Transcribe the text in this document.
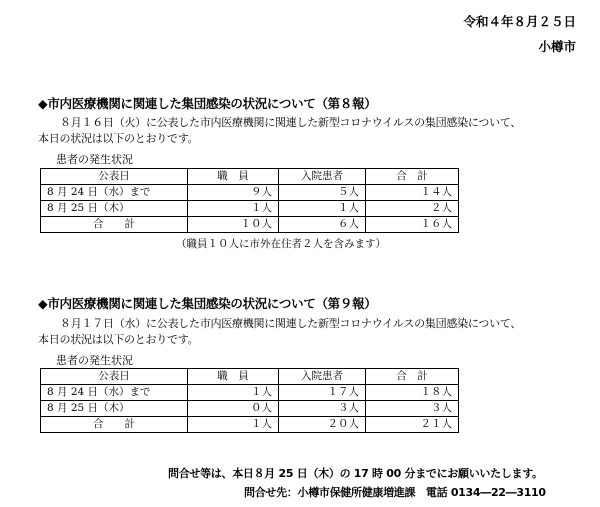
令和４年８月２５日
小樽市
◆市内医療機関に関連した集団感染の状況について（第８報）

８月１６日（火）に公表した市内医療機関に関連した新型コロナウイルスの集団感染について、

本日の状況は以下のとおりです。

患者の発生状況
公表日	職　員	入院患者	合　計
8 月 24 日（水）まで	９人	５人	１４人
8 月 25 日（木）	１人	１人	２人
合　　計	１０人	６人	１６人
（職員１０人に市外在住者２人を含みます）
◆市内医療機関に関連した集団感染の状況について（第９報）

８月１７日（水）に公表した市内医療機関に関連した新型コロナウイルスの集団感染について、

本日の状況は以下のとおりです。

患者の発生状況
公表日	職　員	入院患者	合　計
8 月 24 日（水）まで	１人	１７人	１８人
8 月 25 日（木）	０人	３人	３人
合　　計	１人	２０人	２１人
問合せ等は、本日８月 25 日（木）の 17 時 00 分までにお願いいたします。
問合せ先：小樽市保健所健康増進課　電話 0134―22―3110
